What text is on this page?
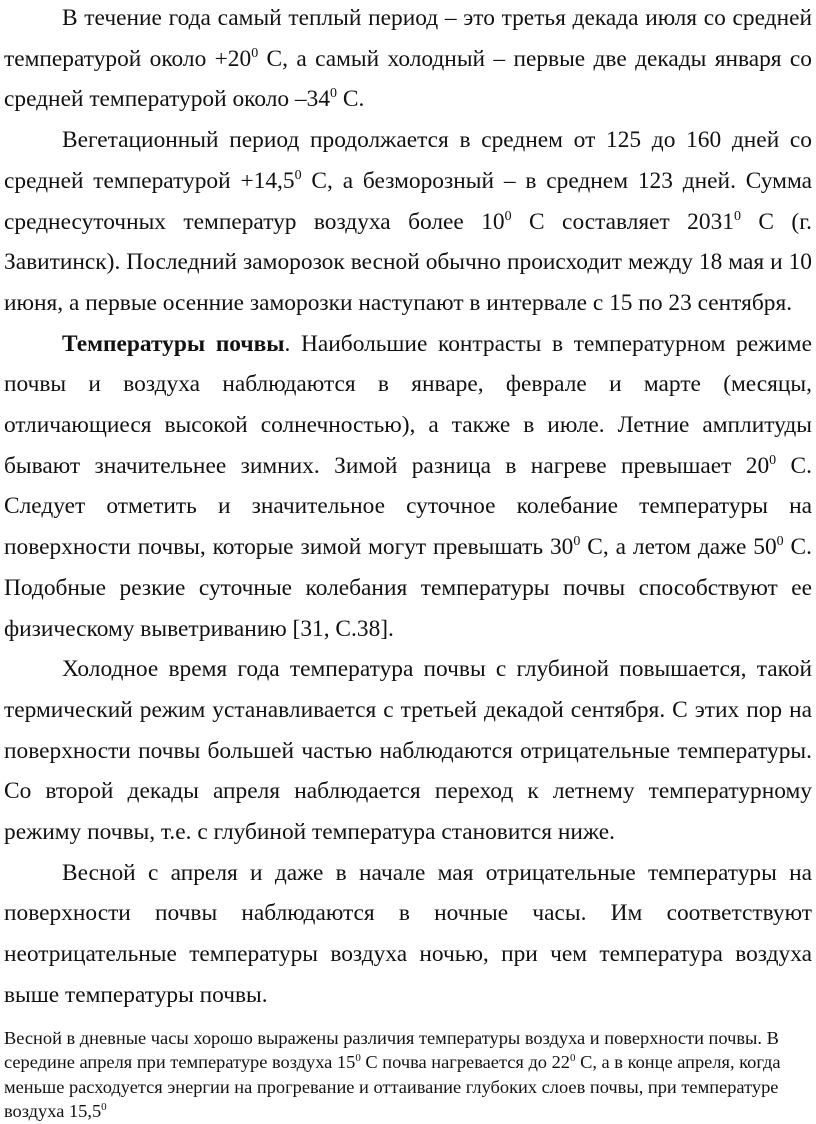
В течение года самый теплый период – это третья декада июля со средней температурой около $+20^0$ С, а самый холодный – первые две декады января со средней температурой около $-34^0$ С.

Вегетационный период продолжается в среднем от 125 до 160 дней со средней температурой $+14,5^0$ С, а безморозный – в среднем 123 дней. Сумма среднесуточных температур воздуха более $10^0$ С составляет 2031$^0$ С (г. Завитинск). Последний заморозок весной обычно происходит между 18 мая и 10 июня, а первые осенние заморозки наступают в интервале с 15 по 23 сентября.

Температуры почвы. Наибольшие контрасты в температурном режиме почвы и воздуха наблюдаются в январе, феврале и марте (месяцы, отличающиеся высокой солнечностью), а также в июле. Летние амплитуды бывают значительнее зимних. Зимой разница в нагреве превышает $20^0$ С. Следует отметить и значительное суточное колебание температуры на поверхности почвы, которые зимой могут превышать $30^0$ С, а летом даже $50^0$ С. Подобные резкие суточные колебания температуры почвы способствуют ее физическому выветриванию [31, С.38].

Холодное время года температура почвы с глубиной повышается, такой термический режим устанавливается с третьей декадой сентября. С этих пор на поверхности почвы большей частью наблюдаются отрицательные температуры. Со второй декады апреля наблюдается переход к летнему температурному режиму почвы, т.е. с глубиной температура становится ниже.

Весной с апреля и даже в начале мая отрицательные температуры на поверхности почвы наблюдаются в ночные часы. Им соответствуют неотрицательные температуры воздуха ночью, при чем температура воздуха выше температуры почвы.

Весной в дневные часы хорошо выражены различия температуры воздуха и поверхности почвы. В середине апреля при температуре воздуха $15^0$ С почва нагревается до $22^0$ С, а в конце апреля, когда меньше расходуется энергии на прогревание и оттаивание глубоких слоев почвы, при температуре воздуха 15,5$^0$
